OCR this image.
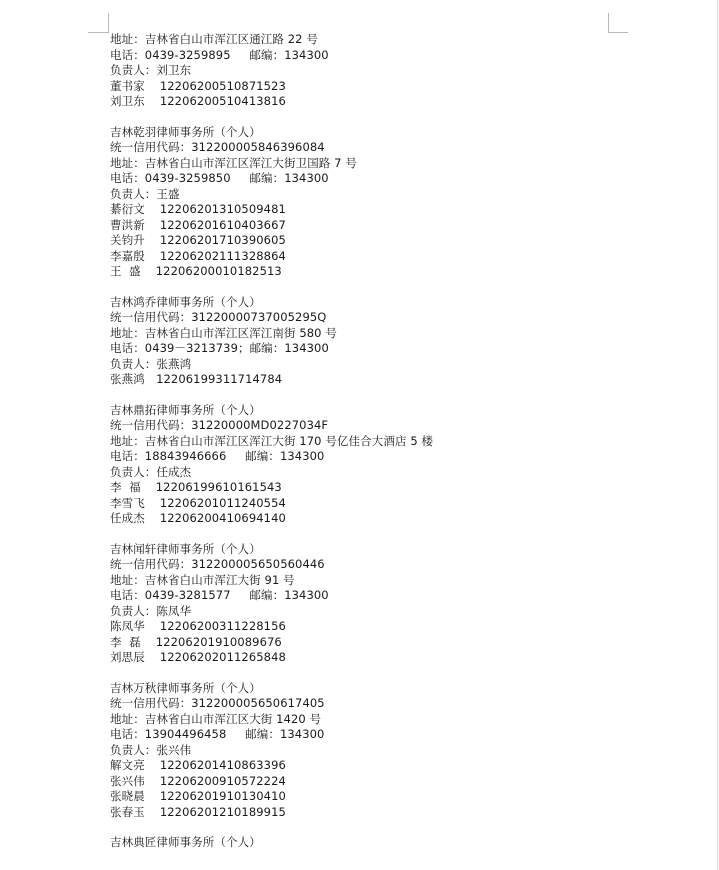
地址：吉林省白山市浑江区通江路 22 号
电话：0439-3259895     邮编：134300
负责人：刘卫东
董书家    12206200510871523
刘卫东    12206200510413816
吉林乾羽律师事务所（个人）
统一信用代码：312200005846396084
地址：吉林省白山市浑江区浑江大街卫国路 7 号
电话：0439-3259850     邮编：134300
负责人：王盛
綦衍文    12206201310509481
曹洪新    12206201610403667
关钧升    12206201710390605
李嘉殷    12206202111328864
王  盛    12206200010182513
吉林鸿乔律师事务所（个人）
统一信用代码：31220000737005295Q
地址：吉林省白山市浑江区浑江南街 580 号
电话：0439－3213739；邮编：134300
负责人：张燕鸿
张燕鸿   12206199311714784
吉林鼎拓律师事务所（个人）
统一信用代码：31220000MD0227034F
地址：吉林省白山市浑江区浑江大街 170 号亿佳合大酒店 5 楼
电话：18843946666     邮编：134300
负责人：任成杰
李  福    12206199610161543
李雪飞    12206201011240554
任成杰    12206200410694140
吉林闻轩律师事务所（个人）
统一信用代码：312200005650560446
地址：吉林省白山市浑江大街 91 号
电话：0439-3281577     邮编：134300
负责人：陈凤华
陈凤华    12206200311228156
李  磊    12206201910089676
刘思辰    12206202011265848
吉林万秋律师事务所（个人）
统一信用代码：312200005650617405
地址：吉林省白山市浑江区大街 1420 号
电话：13904496458     邮编：134300
负责人：张兴伟
解文亮    12206201410863396
张兴伟    12206200910572224
张晓晨    12206201910130410
张春玉    12206201210189915
吉林典匠律师事务所（个人）
